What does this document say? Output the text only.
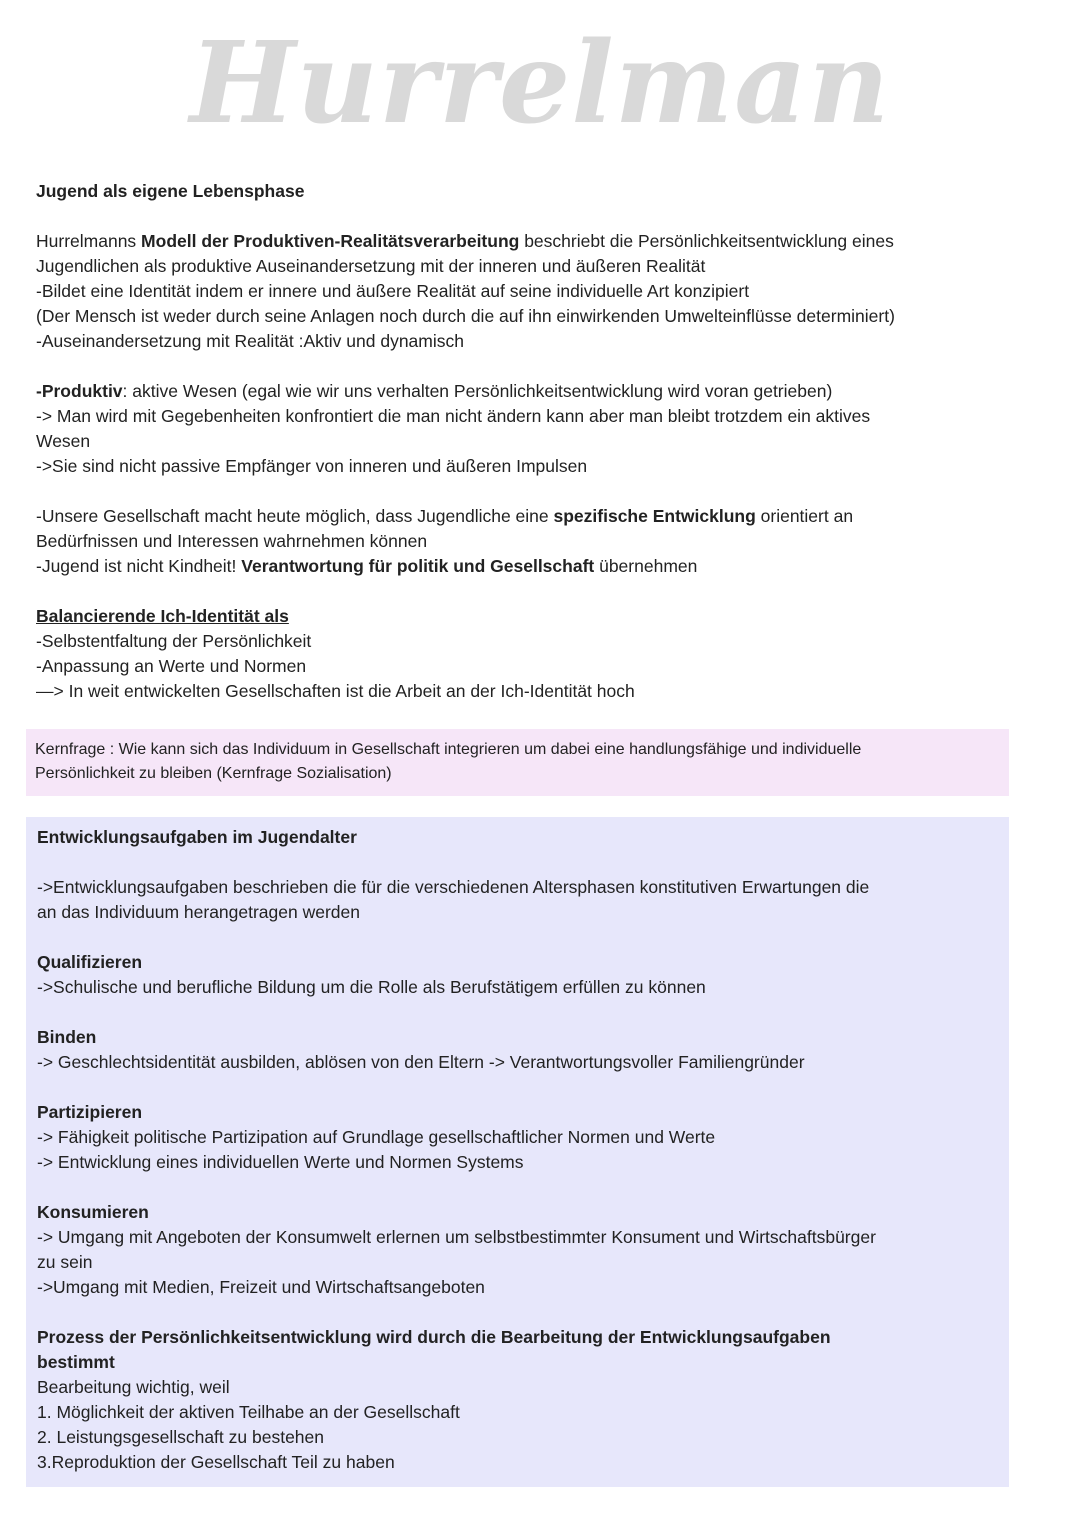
Hurrelman
Jugend als eigene Lebensphase
Hurrelmanns Modell der Produktiven-Realitätsverarbeitung beschriebt die Persönlichkeitsentwicklung eines
Jugendlichen als produktive Auseinandersetzung mit der inneren und äußeren Realität
-Bildet eine Identität indem er innere und äußere Realität auf seine individuelle Art konzipiert
(Der Mensch ist weder durch seine Anlagen noch durch die auf ihn einwirkenden Umwelteinflüsse determiniert)
-Auseinandersetzung mit Realität :Aktiv und dynamisch
-Produktiv: aktive Wesen (egal wie wir uns verhalten Persönlichkeitsentwicklung wird voran getrieben)
-> Man wird mit Gegebenheiten konfrontiert die man nicht ändern kann aber man bleibt trotzdem ein aktives
Wesen
->Sie sind nicht passive Empfänger von inneren und äußeren Impulsen
-Unsere Gesellschaft macht heute möglich, dass Jugendliche eine spezifische Entwicklung orientiert an
Bedürfnissen und Interessen wahrnehmen können
-Jugend ist nicht Kindheit! Verantwortung für politik und Gesellschaft übernehmen
Balancierende Ich-Identität als
-Selbstentfaltung der Persönlichkeit
-Anpassung an Werte und Normen
—> In weit entwickelten Gesellschaften ist die Arbeit an der Ich-Identität hoch
Kernfrage : Wie kann sich das Individuum in Gesellschaft integrieren um dabei eine handlungsfähige und individuelle
Persönlichkeit zu bleiben (Kernfrage Sozialisation)
Entwicklungsaufgaben im Jugendalter
->Entwicklungsaufgaben beschrieben die für die verschiedenen Altersphasen konstitutiven Erwartungen die
an das Individuum herangetragen werden
Qualifizieren
->Schulische und berufliche Bildung um die Rolle als Berufstätigem erfüllen zu können
Binden
-> Geschlechtsidentität ausbilden, ablösen von den Eltern -> Verantwortungsvoller Familiengründer
Partizipieren
-> Fähigkeit politische Partizipation auf Grundlage gesellschaftlicher Normen und Werte
-> Entwicklung eines individuellen Werte und Normen Systems
Konsumieren
-> Umgang mit Angeboten der Konsumwelt erlernen um selbstbestimmter Konsument und Wirtschaftsbürger
zu sein
->Umgang mit Medien, Freizeit und Wirtschaftsangeboten
Prozess der Persönlichkeitsentwicklung wird durch die Bearbeitung der Entwicklungsaufgaben
bestimmt
Bearbeitung wichtig, weil
1. Möglichkeit der aktiven Teilhabe an der Gesellschaft
2. Leistungsgesellschaft zu bestehen
3.Reproduktion der Gesellschaft Teil zu haben
